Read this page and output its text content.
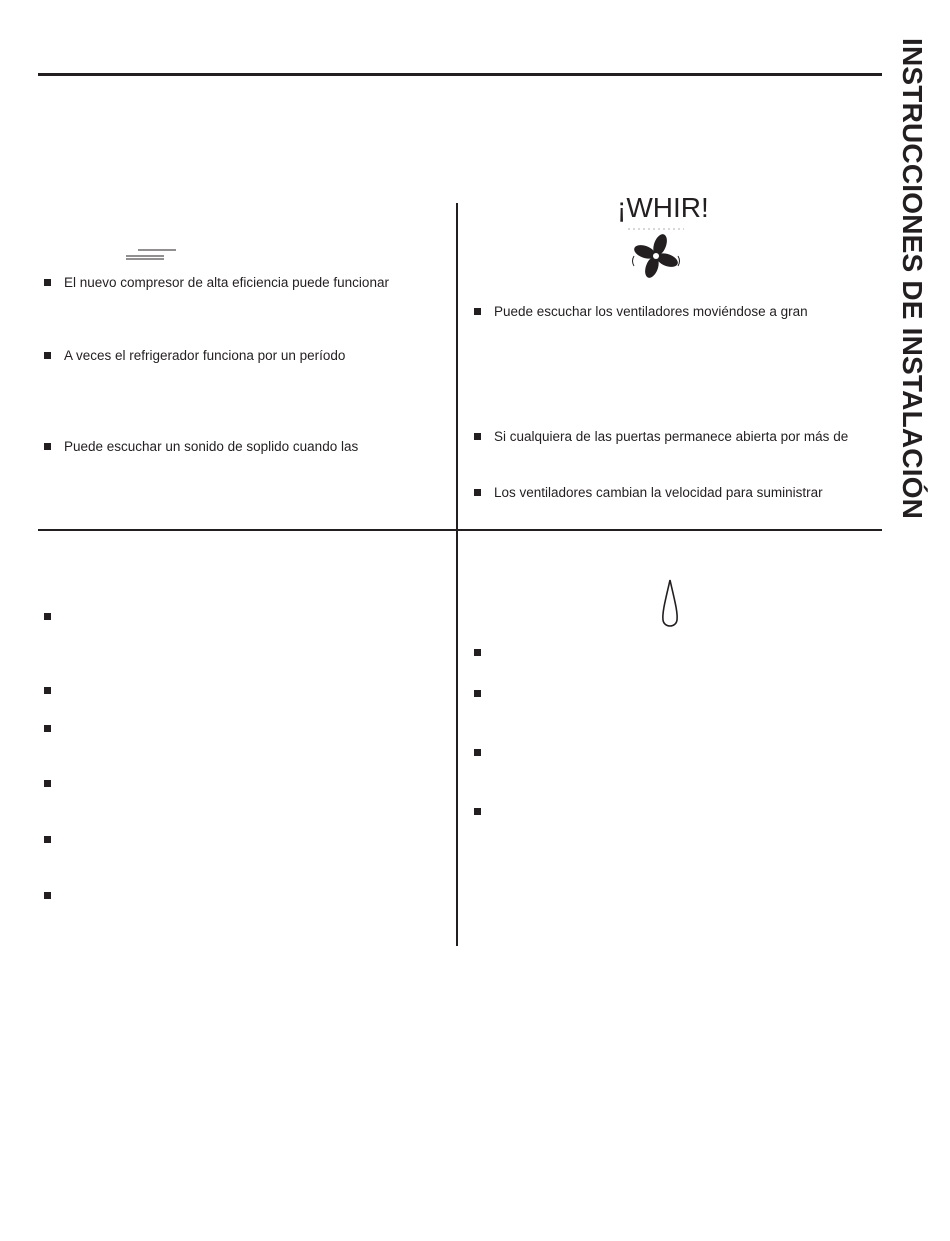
INSTRUCCIONES DE INSTALACIÓN
El nuevo compresor de alta eficiencia puede funcionar
A veces el refrigerador funciona por un período
Puede escuchar un sonido de soplido cuando las
¡WHIR!
Puede escuchar los ventiladores moviéndose a gran
Si cualquiera de las puertas permanece abierta por más de
Los ventiladores cambian la velocidad para suministrar
